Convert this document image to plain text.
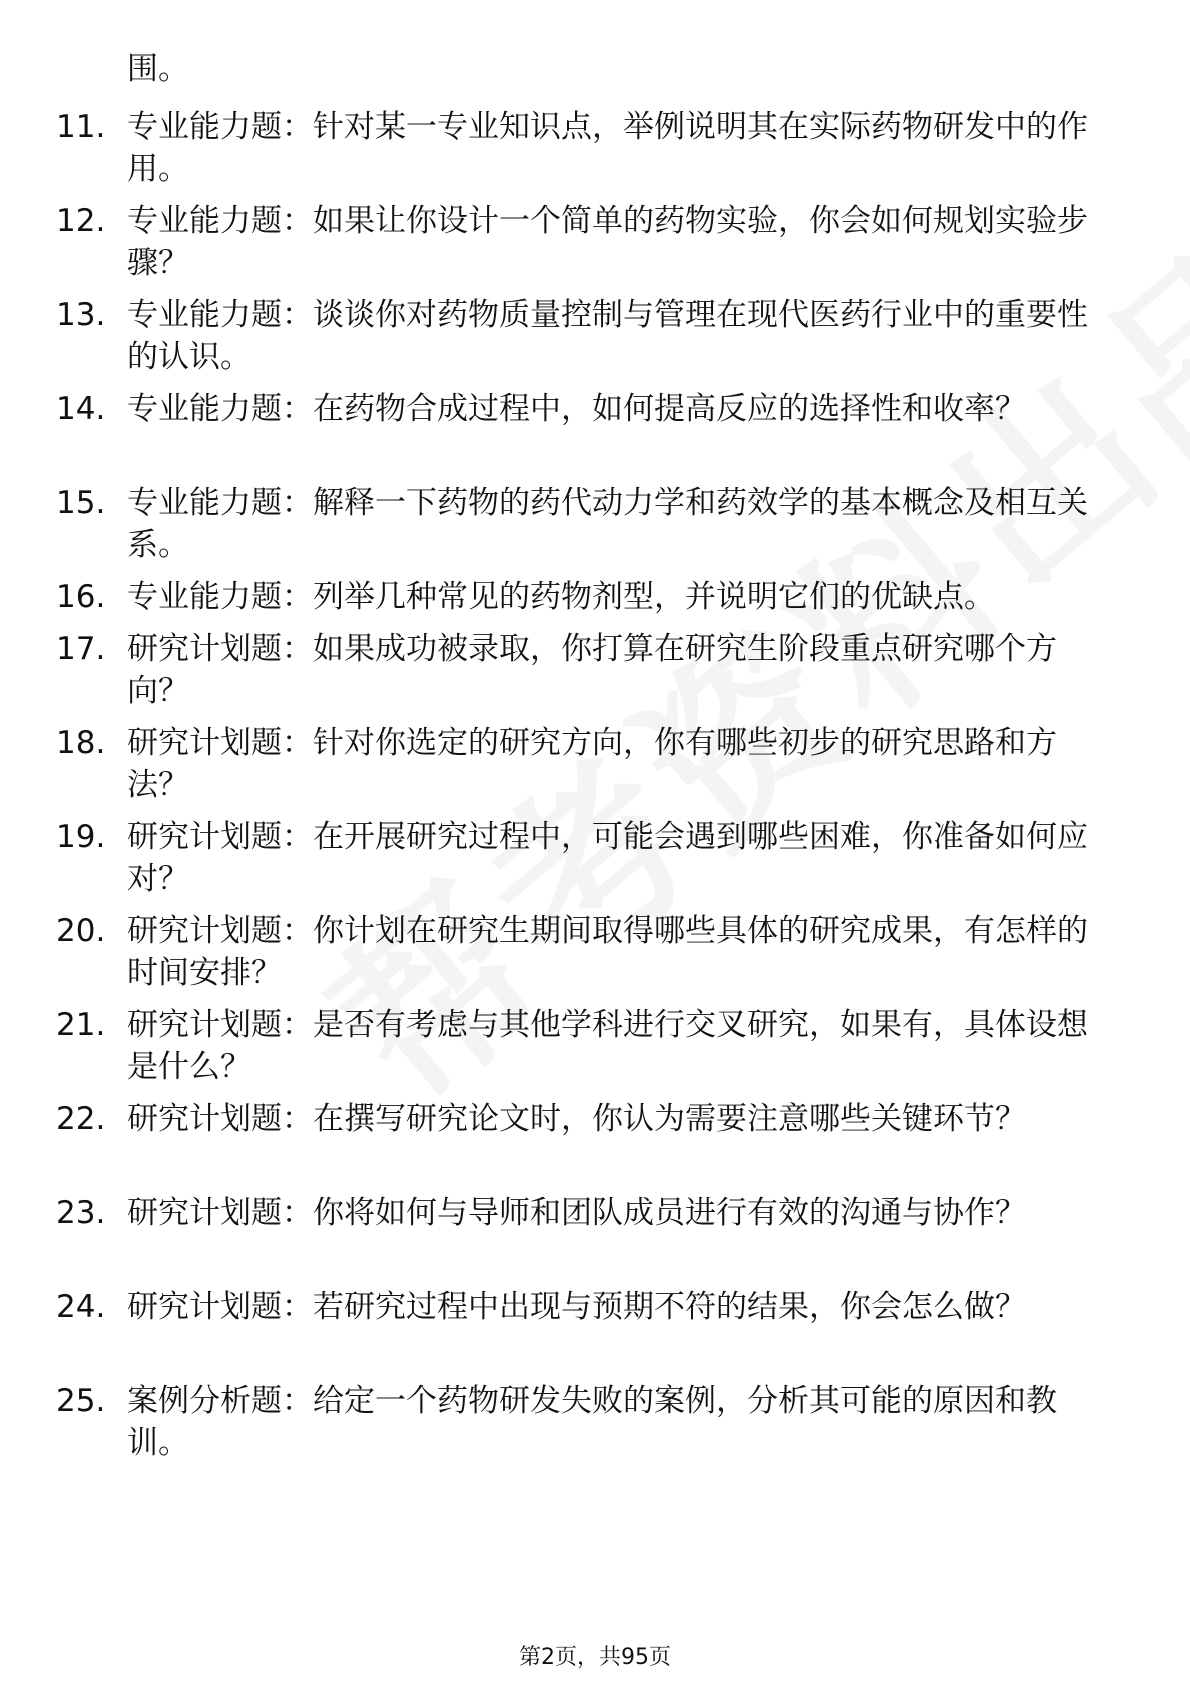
围。
11. 专业能力题：针对某一专业知识点，举例说明其在实际药物研发中的作用。
12. 专业能力题：如果让你设计一个简单的药物实验，你会如何规划实验步骤？
13. 专业能力题：谈谈你对药物质量控制与管理在现代医药行业中的重要性的认识。
14. 专业能力题：在药物合成过程中，如何提高反应的选择性和收率？
15. 专业能力题：解释一下药物的药代动力学和药效学的基本概念及相互关系。
16. 专业能力题：列举几种常见的药物剂型，并说明它们的优缺点。
17. 研究计划题：如果成功被录取，你打算在研究生阶段重点研究哪个方向？
18. 研究计划题：针对你选定的研究方向，你有哪些初步的研究思路和方法？
19. 研究计划题：在开展研究过程中，可能会遇到哪些困难，你准备如何应对？
20. 研究计划题：你计划在研究生期间取得哪些具体的研究成果，有怎样的时间安排？
21. 研究计划题：是否有考虑与其他学科进行交叉研究，如果有，具体设想是什么？
22. 研究计划题：在撰写研究论文时，你认为需要注意哪些关键环节？
23. 研究计划题：你将如何与导师和团队成员进行有效的沟通与协作？
24. 研究计划题：若研究过程中出现与预期不符的结果，你会怎么做？
25. 案例分析题：给定一个药物研发失败的案例，分析其可能的原因和教训。
第2页，共95页
